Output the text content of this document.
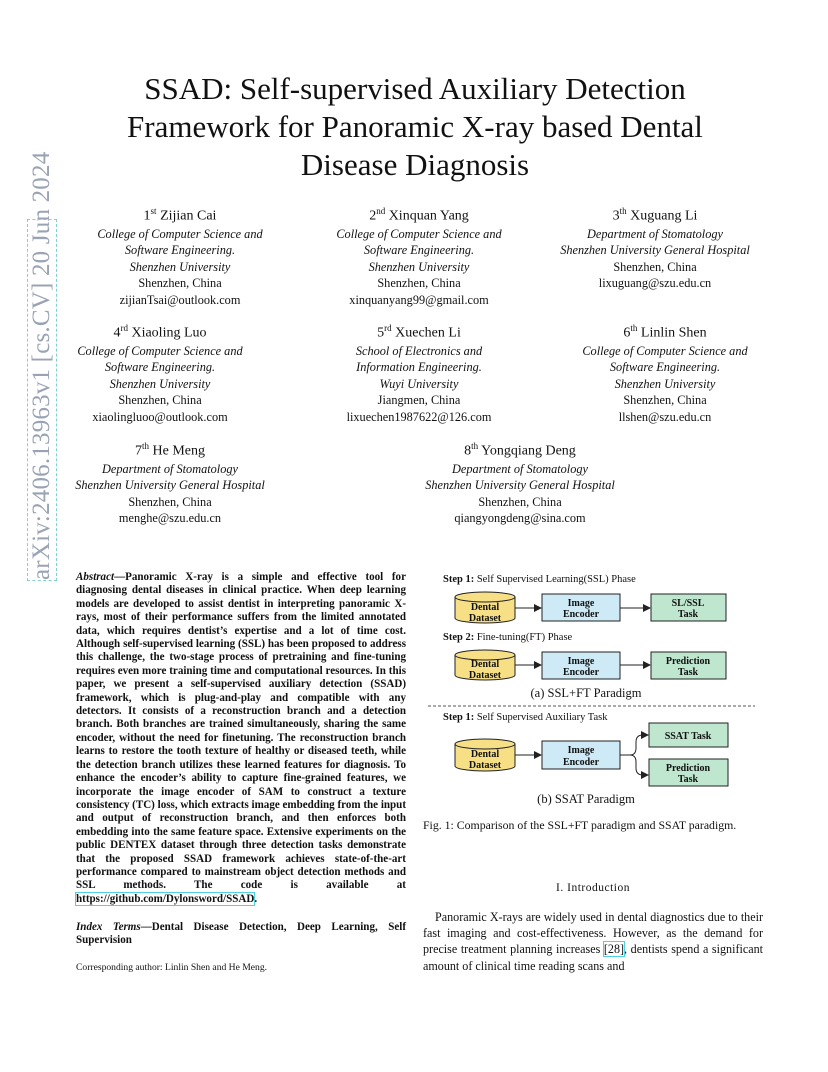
arXiv:2406.13963v1 [cs.CV] 20 Jun 2024
SSAD: Self-supervised Auxiliary Detection
Framework for Panoramic X-ray based Dental
Disease Diagnosis
1st Zijian Cai
College of Computer Science and
Software Engineering.
Shenzhen University
Shenzhen, China
zijianTsai@outlook.com
2nd Xinquan Yang
College of Computer Science and
Software Engineering.
Shenzhen University
Shenzhen, China
xinquanyang99@gmail.com
3th Xuguang Li
Department of Stomatology
Shenzhen University General Hospital
Shenzhen, China
lixuguang@szu.edu.cn
4rd Xiaoling Luo
College of Computer Science and
Software Engineering.
Shenzhen University
Shenzhen, China
xiaolingluoo@outlook.com
5rd Xuechen Li
School of Electronics and
Information Engineering.
Wuyi University
Jiangmen, China
lixuechen1987622@126.com
6th Linlin Shen
College of Computer Science and
Software Engineering.
Shenzhen University
Shenzhen, China
llshen@szu.edu.cn
7th He Meng
Department of Stomatology
Shenzhen University General Hospital
Shenzhen, China
menghe@szu.edu.cn
8th Yongqiang Deng
Department of Stomatology
Shenzhen University General Hospital
Shenzhen, China
qiangyongdeng@sina.com
Abstract—Panoramic X-ray is a simple and effective tool for diagnosing dental diseases in clinical practice. When deep learning models are developed to assist dentist in interpreting panoramic X-rays, most of their performance suffers from the limited annotated data, which requires dentist’s expertise and a lot of time cost. Although self-supervised learning (SSL) has been proposed to address this challenge, the two-stage process of pretraining and fine-tuning requires even more training time and computational resources. In this paper, we present a self-supervised auxiliary detection (SSAD) framework, which is plug-and-play and compatible with any detectors. It consists of a reconstruction branch and a detection branch. Both branches are trained simultaneously, sharing the same encoder, without the need for finetuning. The reconstruction branch learns to restore the tooth texture of healthy or diseased teeth, while the detection branch utilizes these learned features for diagnosis. To enhance the encoder’s ability to capture fine-grained features, we incorporate the image encoder of SAM to construct a texture consistency (TC) loss, which extracts image embedding from the input and output of reconstruction branch, and then enforces both embedding into the same feature space. Extensive experiments on the public DENTEX dataset through three detection tasks demonstrate that the proposed SSAD framework achieves state-of-the-art performance compared to mainstream object detection methods and SSL methods. The code is available at https://github.com/Dylonsword/SSAD.
Index Terms—Dental Disease Detection, Deep Learning, Self Supervision
Corresponding author: Linlin Shen and He Meng.
Step 1: Self Supervised Learning(SSL) Phase
Dental
Dataset
Image
Encoder
SL/SSL
Task
Step 2: Fine-tuning(FT) Phase
Dental
Dataset
Image
Encoder
Prediction
Task
(a) SSL+FT Paradigm
Step 1: Self Supervised Auxiliary Task
Dental
Dataset
Image
Encoder
SSAT Task
Prediction
Task
(b) SSAT Paradigm
Fig. 1: Comparison of the SSL+FT paradigm and SSAT paradigm.
I. Introduction
Panoramic X-rays are widely used in dental diagnostics due to their fast imaging and cost-effectiveness. However, as the demand for precise treatment planning increases [28], dentists spend a significant amount of clinical time reading scans and
